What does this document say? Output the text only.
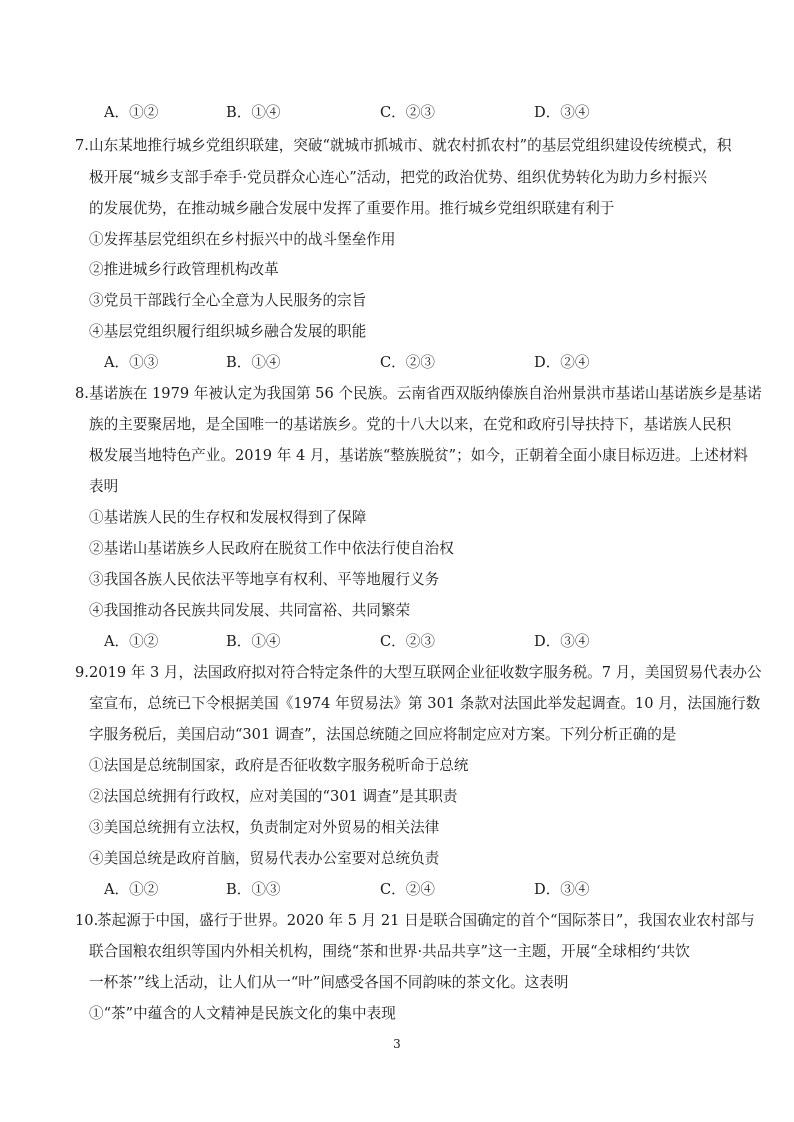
A．①②	B．①④	C．②③	D．③④
7. 山东某地推行城乡党组织联建，突破“就城市抓城市、就农村抓农村”的基层党组织建设传统模式，积
极开展“城乡支部手牵手·党员群众心连心”活动，把党的政治优势、组织优势转化为助力乡村振兴
的发展优势，在推动城乡融合发展中发挥了重要作用。推行城乡党组织联建有利于
①发挥基层党组织在乡村振兴中的战斗堡垒作用
②推进城乡行政管理机构改革
③党员干部践行全心全意为人民服务的宗旨
④基层党组织履行组织城乡融合发展的职能
A．①③	B．①④	C．②③	D．②④
8. 基诺族在 1979 年被认定为我国第 56 个民族。云南省西双版纳傣族自治州景洪市基诺山基诺族乡是基诺
族的主要聚居地，是全国唯一的基诺族乡。党的十八大以来，在党和政府引导扶持下，基诺族人民积
极发展当地特色产业。2019 年 4 月，基诺族“整族脱贫”；如今，正朝着全面小康目标迈进。上述材料
表明
①基诺族人民的生存权和发展权得到了保障
②基诺山基诺族乡人民政府在脱贫工作中依法行使自治权
③我国各族人民依法平等地享有权利、平等地履行义务
④我国推动各民族共同发展、共同富裕、共同繁荣
A．①②	B．①④	C．②③	D．③④
9. 2019 年 3 月，法国政府拟对符合特定条件的大型互联网企业征收数字服务税。7 月，美国贸易代表办公
室宣布，总统已下令根据美国《1974 年贸易法》第 301 条款对法国此举发起调查。10 月，法国施行数
字服务税后，美国启动“301 调查”，法国总统随之回应将制定应对方案。下列分析正确的是
①法国是总统制国家，政府是否征收数字服务税听命于总统
②法国总统拥有行政权，应对美国的“301 调查”是其职责
③美国总统拥有立法权，负责制定对外贸易的相关法律
④美国总统是政府首脑，贸易代表办公室要对总统负责
A．①②	B．①③	C．②④	D．③④
10.
茶起源于中国，盛行于世界。2020 年 5 月 21 日是联合国确定的首个“国际茶日”，我国农业农村部与
联合国粮农组织等国内外相关机构，围绕“茶和世界·共品共享”这一主题，开展“全球相约‘共饮
一杯茶’”线上活动，让人们从一“叶”间感受各国不同韵味的茶文化。这表明
①“茶”中蕴含的人文精神是民族文化的集中表现
3
